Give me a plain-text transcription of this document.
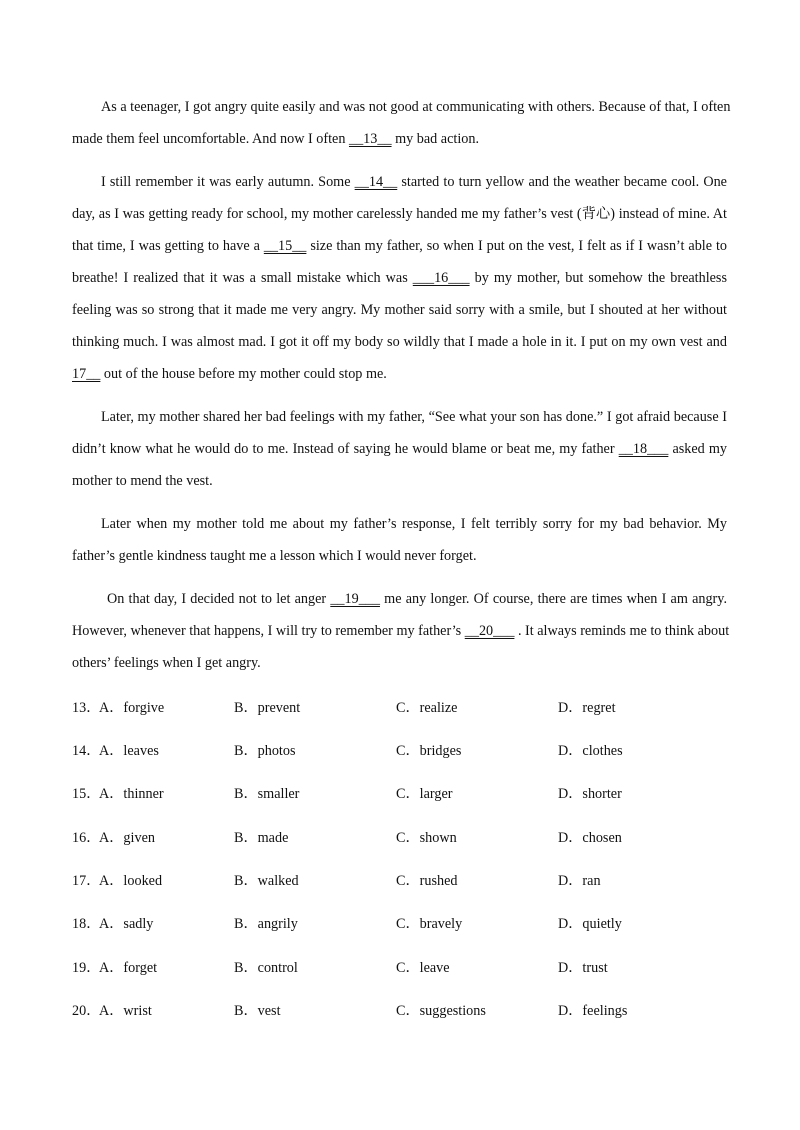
As a teenager, I got angry quite easily and was not good at communicating with others. Because of that, I often
made them feel uncomfortable. And now I often __13__ my bad action.
I still remember it was early autumn. Some __14__ started to turn yellow and the weather became cool. One
day, as I was getting ready for school, my mother carelessly handed me my father’s vest (背心) instead of mine. At
that time, I was getting to have a __15__ size than my father, so when I put on the vest, I felt as if I wasn’t able to
breathe! I realized that it was a small mistake which was ___16___ by my mother, but somehow the breathless
feeling was so strong that it made me very angry. My mother said sorry with a smile, but I shouted at her without
thinking much. I was almost mad. I got it off my body so wildly that I made a hole in it. I put on my own vest and
17__ out of the house before my mother could stop me.
Later, my mother shared her bad feelings with my father, “See what your son has done.” I got afraid because I
didn’t know what he would do to me. Instead of saying he would blame or beat me, my father __18___ asked my
mother to mend the vest.
Later when my mother told me about my father’s response, I felt terribly sorry for my bad behavior. My
father’s gentle kindness taught me a lesson which I would never forget.
On that day, I decided not to let anger __19___ me any longer. Of course, there are times when I am angry.
However, whenever that happens, I will try to remember my father’s __20___ . It always reminds me to think about
others’ feelings when I get angry.
13．
A．forgive	B．prevent	C．realize	D．regret
14．
A．leaves	B．photos	C．bridges	D．clothes
15．
A．thinner	B．smaller	C．larger	D．shorter
16．
A．given	B．made	C．shown	D．chosen
17．
A．looked	B．walked	C．rushed	D．ran
18．
A．sadly	B．angrily	C．bravely	D．quietly
19．
A．forget	B．control	C．leave	D．trust
20．
A．wrist	B．vest	C．suggestions	D．feelings
